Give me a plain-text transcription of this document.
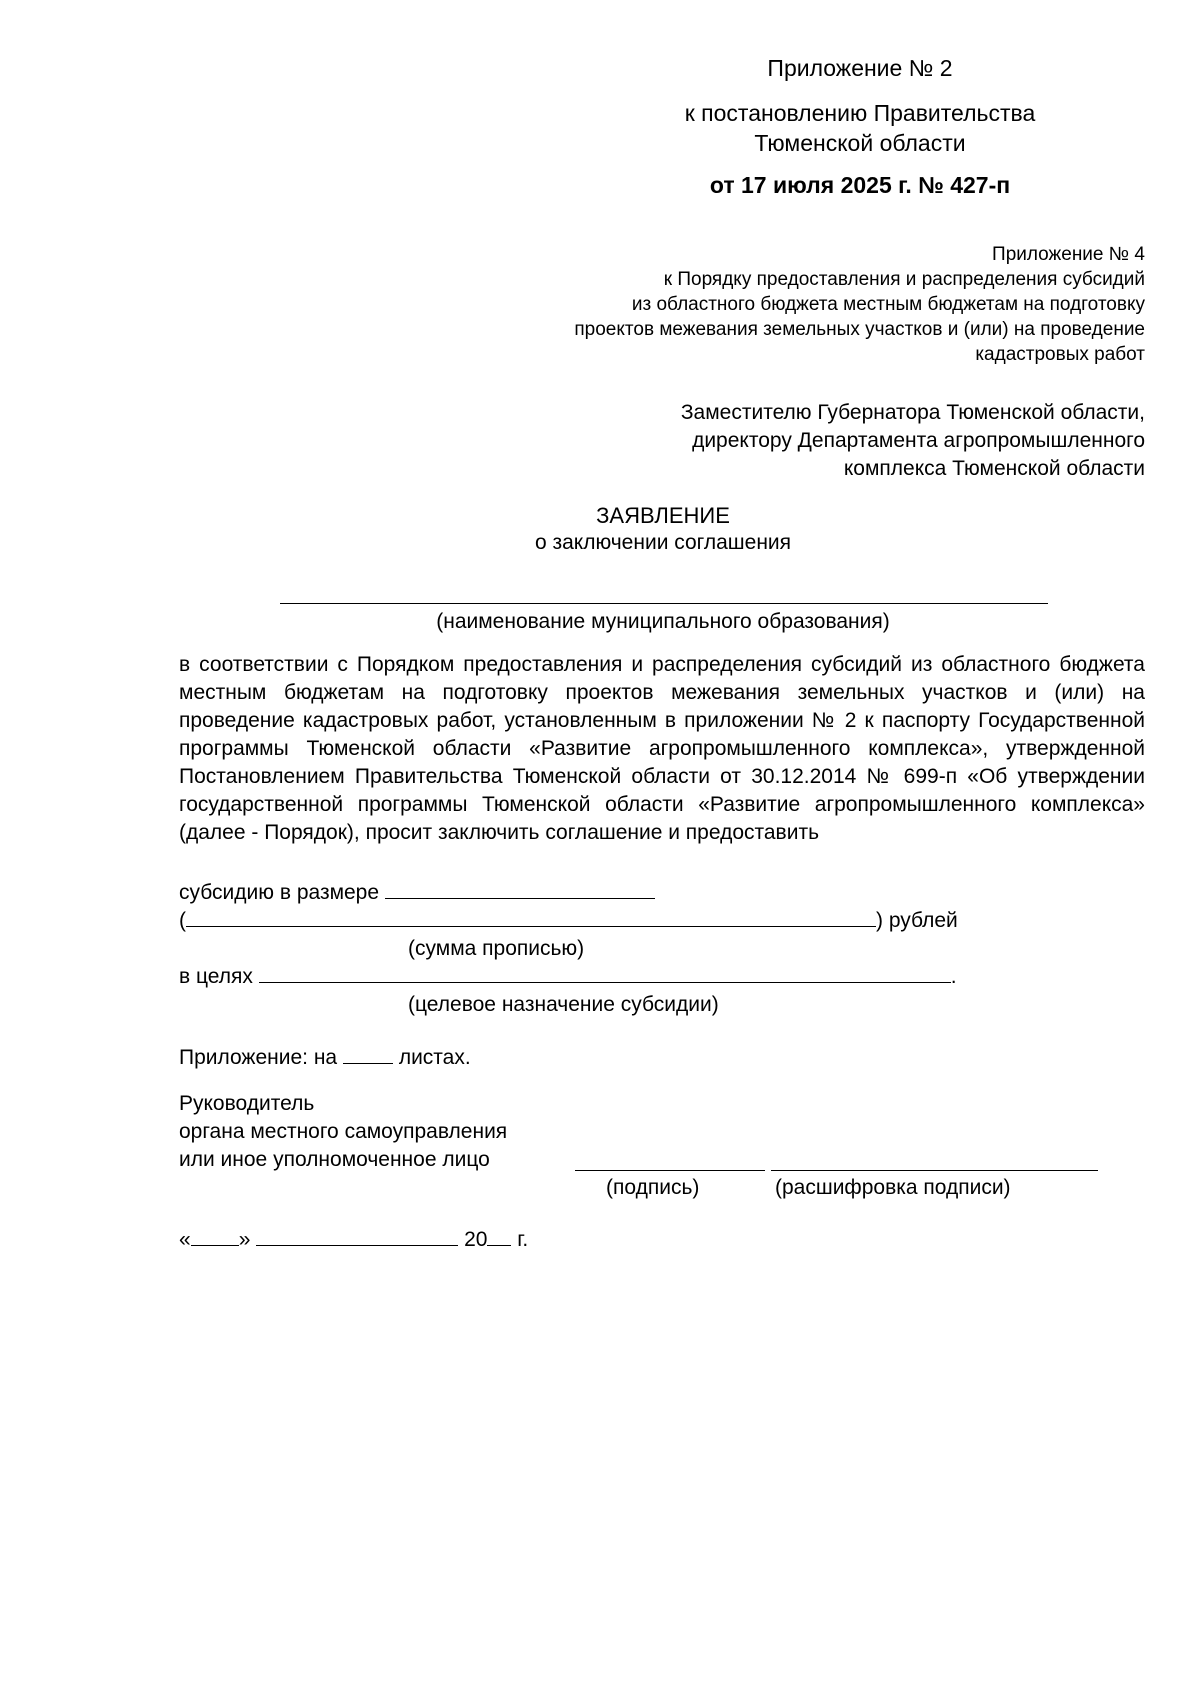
Приложение № 2
к постановлению Правительства
Тюменской области
от 17 июля 2025 г. № 427-п
Приложение № 4
к Порядку предоставления и распределения субсидий
из областного бюджета местным бюджетам на подготовку
проектов межевания земельных участков и (или) на проведение
кадастровых работ
Заместителю Губернатора Тюменской области,
директору Департамента агропромышленного
комплекса Тюменской области
ЗАЯВЛЕНИЕ
о заключении соглашения
(наименование муниципального образования)
в соответствии с Порядком предоставления и распределения субсидий из областного бюджета местным бюджетам на подготовку проектов межевания земельных участков и (или) на проведение кадастровых работ, установленным в приложении № 2 к паспорту Государственной программы Тюменской области «Развитие агропромышленного комплекса», утвержденной Постановлением Правительства Тюменской области от 30.12.2014 № 699-п «Об утверждении государственной программы Тюменской области «Развитие агропромышленного комплекса» (далее - Порядок), просит заключить соглашение и предоставить
субсидию в размере
(	) рублей
(сумма прописью)
в целях	.
(целевое назначение субсидии)
Приложение: на	листах.
Руководитель
органа местного самоуправления
или иное уполномоченное лицо
(подпись)	(расшифровка подписи)
« »	20 г.
